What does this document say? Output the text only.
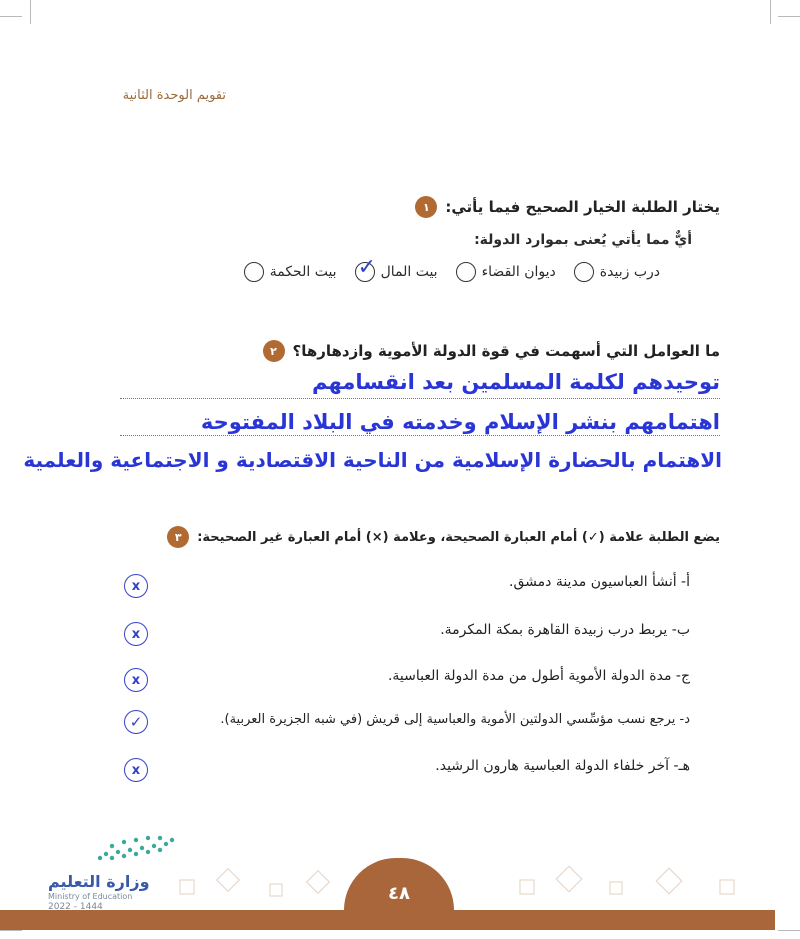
تقويم الوحدة الثانية
١	يختار الطلبة الخيار الصحيح فيما يأتي:
أيٌّ مما يأتي يُعنى بموارد الدولة:
بيت الحكمة ✓ بيت المال	ديوان القضاء	درب زبيدة
٢	ما العوامل التي أسهمت في قوة الدولة الأموية وازدهارها؟
توحيدهم لكلمة المسلمين بعد انقسامهم
اهتمامهم بنشر الإسلام وخدمته في البلاد المفتوحة
الاهتمام بالحضارة الإسلامية من الناحية الاقتصادية و الاجتماعية والعلمية
٣	يضع الطلبة علامة (✓) أمام العبارة الصحيحة، وعلامة (×) أمام العبارة غير الصحيحة:
أ- أنشأ العباسيون مدينة دمشق.
x
ب- يربط درب زبيدة القاهرة بمكة المكرمة.
x
ج- مدة الدولة الأموية أطول من مدة الدولة العباسية.
x
د- يرجع نسب مؤسِّسي الدولتين الأموية والعباسية إلى قريش (في شبه الجزيرة العربية).
✓
هـ- آخر خلفاء الدولة العباسية هارون الرشيد.
x
٤٨
وزارة التعليم
Ministry of Education
2022 - 1444
